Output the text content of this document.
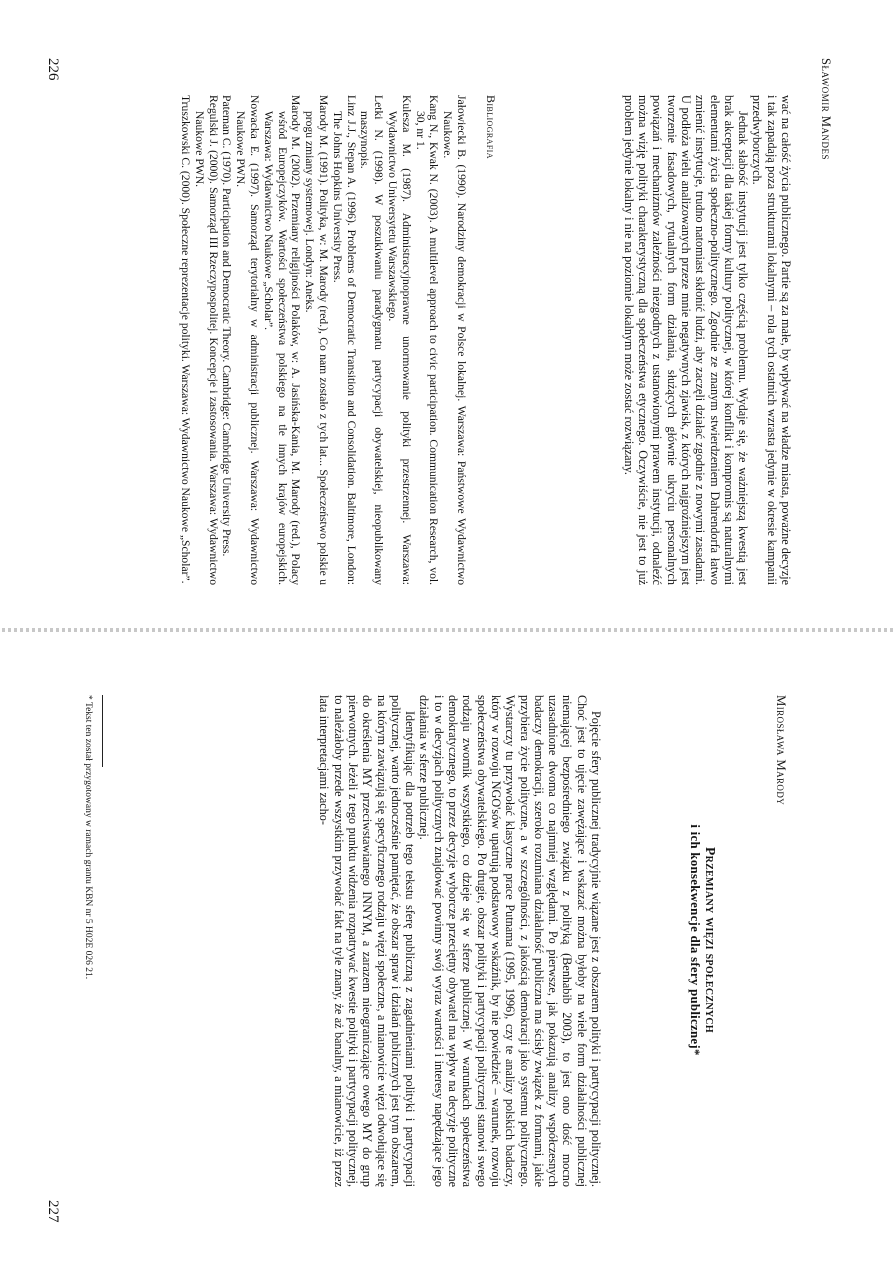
Sławomir Mandes
226

wać na całość życia publicznego. Partie są za małe, by wpływać na władze miasta, poważne decyzje i tak zapadają poza strukturami lokalnymi – rola tych ostatnich wzrasta jedynie w okresie kampanii przedwyborczych.

Jednak słabość instytucji jest tylko częścią problemu. Wydaje się, że ważniejszą kwestią jest brak akceptacji dla takiej formy kultury politycznej, w której konflikt i kompromis są naturalnymi elementami życia społeczno-politycznego. Zgodnie ze znanym stwierdzeniem Dahrendorfa łatwo zmienić instytucje, trudno natomiast skłonić ludzi, aby zaczęli działać zgodnie z nowymi zasadami. U podłoża wielu analizowanych przeze mnie negatywnych zjawisk, z których najgroźniejszym jest tworzenie fasadowych, rytualnych form działania, służących głównie ukryciu personalnych powiązań i mechanizmów zależności niezgodnych z ustanowionymi prawem instytucji, odnaleźć można wizję polityki charakterystyczną dla społeczeństwa etycznego. Oczywiście, nie jest to już problem jedynie lokalny i nie na poziomie lokalnym może zostać rozwiązany.

Bibliografia
Jałowiecki B. (1990). Narodziny demokracji w Polsce lokalnej. Warszawa: Państwowe Wydawnictwo Naukowe.
Kang N., Kwak N. (2003). A multilevel approach to civic participation. Communication Research, vol. 30, nr 1.
Kulesza M. (1987). Administracyjnoprawne unormowanie polityki przestrzennej. Warszawa: Wydawnictwo Uniwersytetu Warszawskiego.
Letki N. (1998). W poszukiwaniu paradygmatu partycypacji obywatelskiej, nieopublikowany maszynopis.
Linz J.J., Stepan A. (1996). Problems of Democratic Transition and Consolidation. Baltimore, London: The Johns Hopkins University Press.
Marody M. (1991). Polityka, w: M. Marody (red.), Co nam zostało z tych lat... Społeczeństwo polskie u progu zmiany systemowej. Londyn: Aneks.
Marody M. (2002). Przemiany religijności Polaków, w: A. Jasińska-Kania, M. Marody (red.), Polacy wśród Europejczyków. Wartości społeczeństwa polskiego na tle innych krajów europejskich. Warszawa: Wydawnictwo Naukowe „Scholar”.
Nowacka E. (1997). Samorząd terytorialny w administracji publicznej. Warszawa: Wydawnictwo Naukowe PWN.
Pateman C. (1970). Participation and Democratic Theory. Cambridge: Cambridge University Press.
Regulski J. (2000). Samorząd III Rzeczypospolitej. Koncepcje i zastosowania. Warszawa: Wydawnictwo Naukowe PWN.
Truszkowski C. (2000). Społeczne reprezentacje polityki. Warszawa: Wydawnictwo Naukowe „Scholar”.
Mirosława Marody
Przemiany więzi społecznych
i ich konsekwencje dla sfery publicznej*

Pojęcie sfery publicznej tradycyjnie wiązane jest z obszarem polityki i partycypacji politycznej. Choć jest to ujęcie zawężające i wskazać można byłoby na wiele form działalności publicznej niemającej bezpośredniego związku z polityką (Benhabib 2003), to jest ono dość mocno uzasadnione dwoma co najmniej względami. Po pierwsze, jak pokazują analizy współczesnych badaczy demokracji, szeroko rozumiana działalność publiczna ma ścisły związek z formami, jakie przybiera życie polityczne, a w szczególności, z jakością demokracji jako systemu politycznego. Wystarczy tu przywołać klasyczne prace Putnama (1995, 1996), czy te analizy polskich badaczy, który w rozwoju NGO'sów upatrują podstawowy wskaźnik, by nie powiedzieć – warunek, rozwoju społeczeństwa obywatelskiego. Po drugie, obszar polityki i partycypacji politycznej stanowi swego rodzaju zwornik wszystkiego, co dzieje się w sferze publicznej. W warunkach społeczeństwa demokratycznego, to przez decyzje wyborcze przeciętny obywatel ma wpływ na decyzje polityczne i to w decyzjach politycznych znajdować powinny swój wyraz wartości i interesy napędzające jego działania w sferze publicznej.

Identyfikując dla potrzeb tego tekstu sferę publiczną z zagadnieniami polityki i partycypacji politycznej, warto jednocześnie pamiętać, że obszar spraw i działań publicznych jest tym obszarem, na którym zawiązują się specyficznego rodzaju więzi społeczne, a mianowicie więzi odwołujące się do określenia MY przeciwstawianego INNYM, a zarazem nieograniczające owego MY do grup pierwotnych. Jeżeli z tego punktu widzenia rozpatrywać kwestie polityki i partycypacji politycznej, to należałoby przede wszystkim przywołać fakt na tyle znany, że aż banalny, a mianowicie, iż przez lata interpretacjami zacho-

* Tekst ten został przygotowany w ramach grantu KBN nr 5 H02E 026 21.
227
